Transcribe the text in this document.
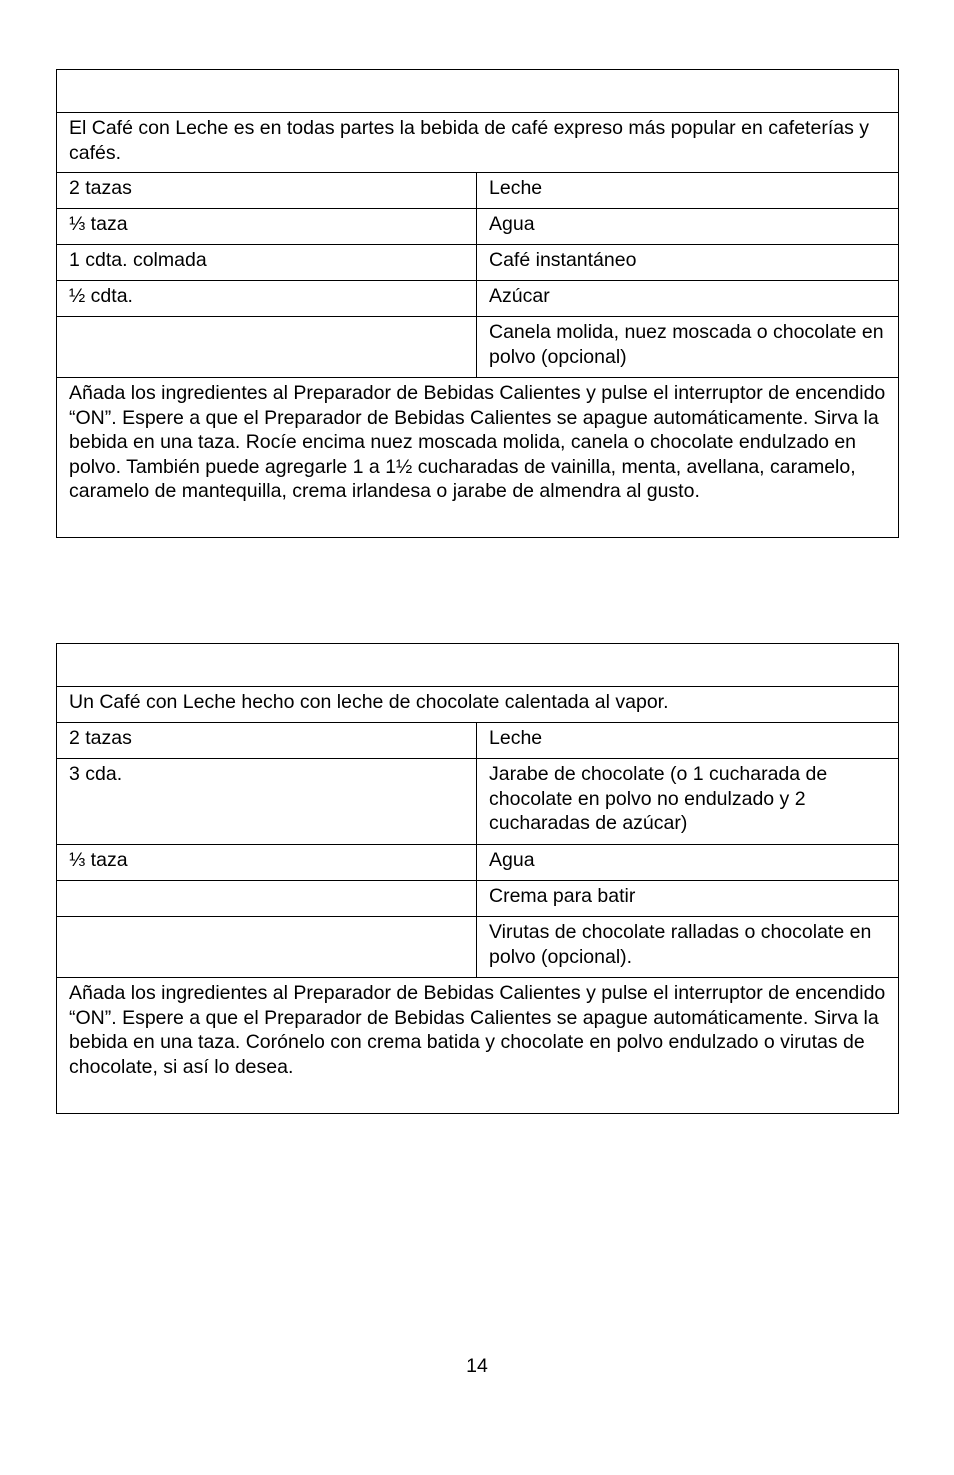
El Café con Leche es en todas partes la bebida de café expreso más popular en cafeterías y cafés.	
2 tazas	Leche
⅓ taza	Agua
1 cdta. colmada	Café instantáneo
½ cdta.	Azúcar
	Canela molida, nuez moscada o chocolate en polvo (opcional)
Añada los ingredientes al Preparador de Bebidas Calientes y pulse el interruptor de encendido “ON”. Espere a que el Preparador de Bebidas Calientes se apague automáticamente. Sirva la bebida en una taza. Rocíe encima nuez moscada molida, canela o chocolate endulzado en polvo. También puede agregarle 1 a 1½ cucharadas de vainilla, menta, avellana, caramelo, caramelo de mantequilla, crema irlandesa o jarabe de almendra al gusto.	

Un Café con Leche hecho con leche de chocolate calentada al vapor.	
2 tazas	Leche
3 cda.	Jarabe de chocolate (o 1 cucharada de chocolate en polvo no endulzado y 2 cucharadas de azúcar)
⅓ taza	Agua
	Crema para batir
	Virutas de chocolate ralladas o chocolate en polvo (opcional).
Añada los ingredientes al Preparador de Bebidas Calientes y pulse el interruptor de encendido “ON”. Espere a que el Preparador de Bebidas Calientes se apague automáticamente. Sirva la bebida en una taza. Corónelo con crema batida y chocolate en polvo endulzado o virutas de chocolate, si así lo desea.	
14
